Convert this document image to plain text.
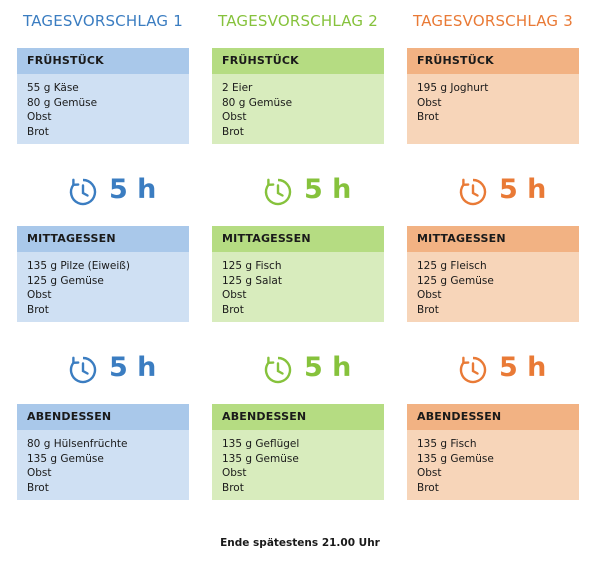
TAGESVORSCHLAG 1
FRÜHSTÜCK
55 g Käse
80 g Gemüse
Obst
Brot
5 h
MITTAGESSEN
135 g Pilze (Eiweiß)
125 g Gemüse
Obst
Brot
5 h
ABENDESSEN
80 g Hülsenfrüchte
135 g Gemüse
Obst
Brot
TAGESVORSCHLAG 2
FRÜHSTÜCK
2 Eier
80 g Gemüse
Obst
Brot
5 h
MITTAGESSEN
125 g Fisch
125 g Salat
Obst
Brot
5 h
ABENDESSEN
135 g Geflügel
135 g Gemüse
Obst
Brot
TAGESVORSCHLAG 3
FRÜHSTÜCK
195 g Joghurt
Obst
Brot
5 h
MITTAGESSEN
125 g Fleisch
125 g Gemüse
Obst
Brot
5 h
ABENDESSEN
135 g Fisch
135 g Gemüse
Obst
Brot
Ende spätestens 21.00 Uhr
